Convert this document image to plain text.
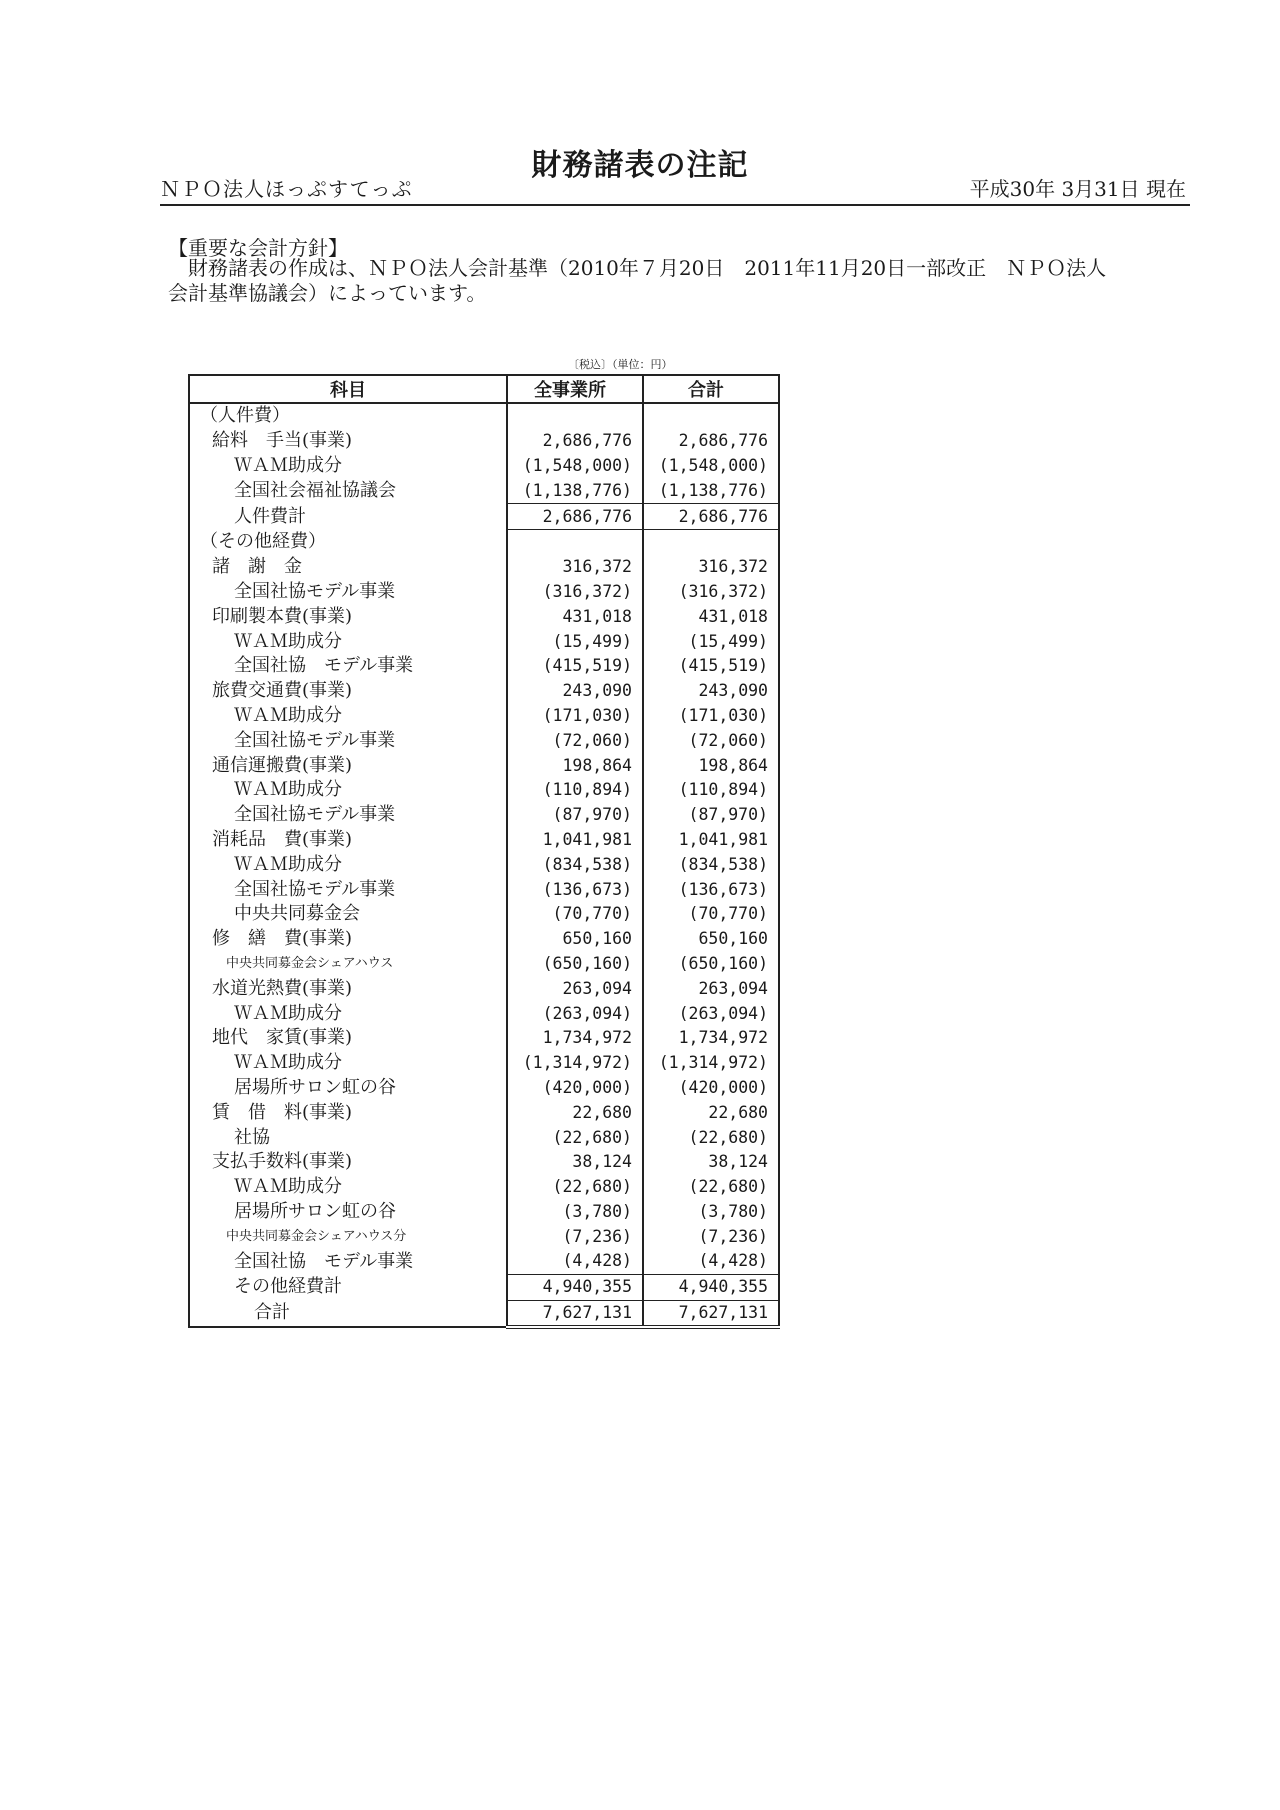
財務諸表の注記
ＮＰＯ法人ほっぷすてっぷ	平成30年 3月31日 現在
【重要な会計方針】

財務諸表の作成は、ＮＰＯ法人会計基準（2010年７月20日　2011年11月20日一部改正　ＮＰＯ法人

会計基準協議会）によっています。

〔税込〕（単位：円）
科目	全事業所	合計
（人件費）		
給料　手当(事業)	2,686,776	2,686,776
ＷＡＭ助成分	(1,548,000)	(1,548,000)
全国社会福祉協議会	(1,138,776)	(1,138,776)
人件費計	2,686,776	2,686,776
（その他経費）		
諸　謝　金	316,372	316,372
全国社協モデル事業	(316,372)	(316,372)
印刷製本費(事業)	431,018	431,018
ＷＡＭ助成分	(15,499)	(15,499)
全国社協　モデル事業	(415,519)	(415,519)
旅費交通費(事業)	243,090	243,090
ＷＡＭ助成分	(171,030)	(171,030)
全国社協モデル事業	(72,060)	(72,060)
通信運搬費(事業)	198,864	198,864
ＷＡＭ助成分	(110,894)	(110,894)
全国社協モデル事業	(87,970)	(87,970)
消耗品　費(事業)	1,041,981	1,041,981
ＷＡＭ助成分	(834,538)	(834,538)
全国社協モデル事業	(136,673)	(136,673)
中央共同募金会	(70,770)	(70,770)
修　繕　費(事業)	650,160	650,160
中央共同募金会シェアハウス	(650,160)	(650,160)
水道光熱費(事業)	263,094	263,094
ＷＡＭ助成分	(263,094)	(263,094)
地代　家賃(事業)	1,734,972	1,734,972
ＷＡＭ助成分	(1,314,972)	(1,314,972)
居場所サロン虹の谷	(420,000)	(420,000)
賃　借　料(事業)	22,680	22,680
社協	(22,680)	(22,680)
支払手数料(事業)	38,124	38,124
ＷＡＭ助成分	(22,680)	(22,680)
居場所サロン虹の谷	(3,780)	(3,780)
中央共同募金会シェアハウス分	(7,236)	(7,236)
全国社協　モデル事業	(4,428)	(4,428)
その他経費計	4,940,355	4,940,355
合計	7,627,131	7,627,131
